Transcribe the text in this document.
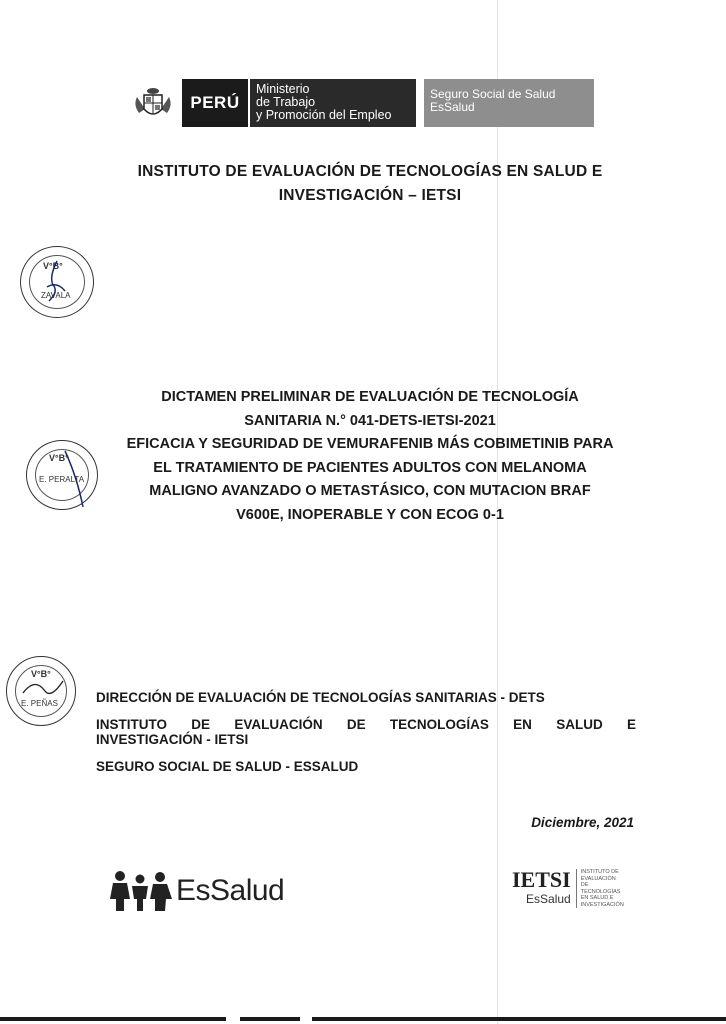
PERÚ
Ministerio
de Trabajo
y Promoción del Empleo
Seguro Social de Salud
EsSalud
INSTITUTO DE EVALUACIÓN DE TECNOLOGÍAS EN SALUD E
INVESTIGACIÓN – IETSI
V°B°
ZAVALA
DICTAMEN PRELIMINAR DE EVALUACIÓN DE TECNOLOGÍA
SANITARIA N.° 041-DETS-IETSI-2021
EFICACIA Y SEGURIDAD DE VEMURAFENIB MÁS COBIMETINIB PARA
EL TRATAMIENTO DE PACIENTES ADULTOS CON MELANOMA
MALIGNO AVANZADO O METASTÁSICO, CON MUTACION BRAF
V600E, INOPERABLE Y CON ECOG 0-1
V°B°
E. PERALTA
V°B°
E. PEÑAS	DIRECCIÓN DE EVALUACIÓN DE TECNOLOGÍAS SANITARIAS - DETS
INSTITUTO DE EVALUACIÓN DE TECNOLOGÍAS EN SALUD E
INVESTIGACIÓN - IETSI
SEGURO SOCIAL DE SALUD - ESSALUD
Diciembre, 2021
EsSalud	IETSI
EsSalud
INSTITUTO DE EVALUACIÓN DE TECNOLOGÍAS EN SALUD E INVESTIGACIÓN
